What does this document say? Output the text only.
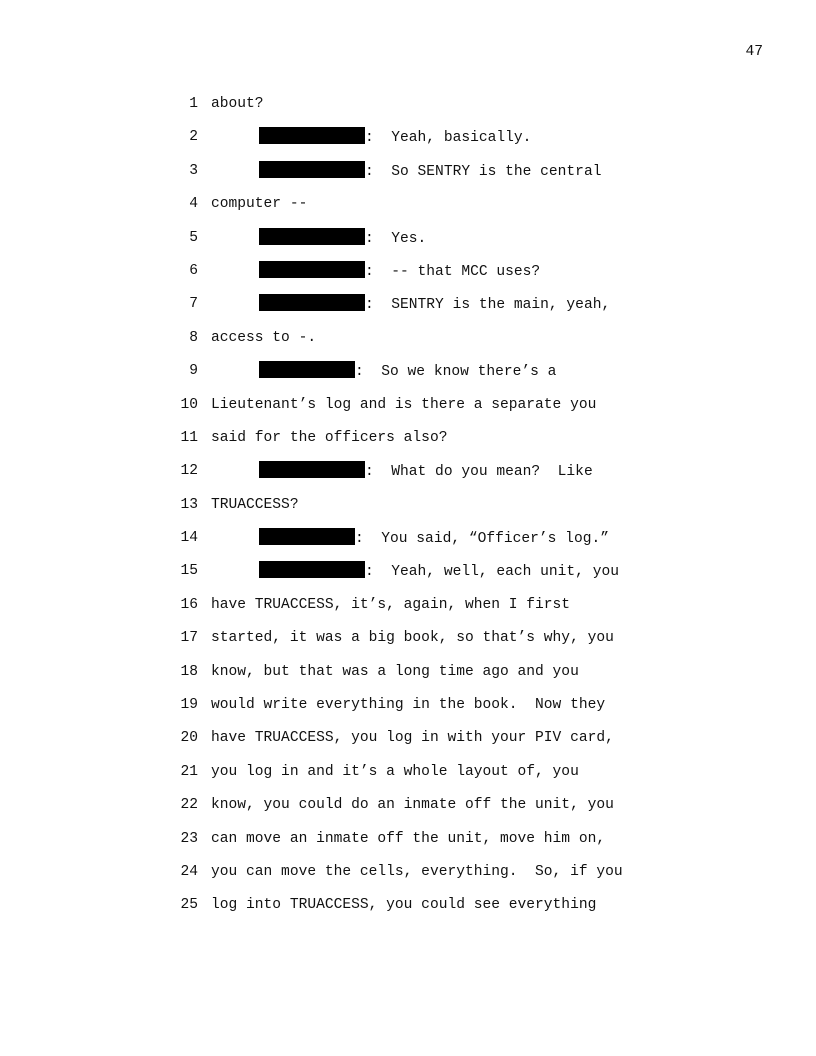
47
1 about?
2	:  Yeah, basically.
3	:  So SENTRY is the central
4 computer --
5	:  Yes.
6	:  -- that MCC uses?
7	:  SENTRY is the main, yeah,
8 access to -.
9	:  So we know there’s a
10 Lieutenant’s log and is there a separate you
11 said for the officers also?
12	:  What do you mean?  Like
13 TRUACCESS?
14	:  You said, “Officer’s log.”
15	:  Yeah, well, each unit, you
16 have TRUACCESS, it’s, again, when I first
17 started, it was a big book, so that’s why, you
18 know, but that was a long time ago and you
19 would write everything in the book.  Now they
20 have TRUACCESS, you log in with your PIV card,
21 you log in and it’s a whole layout of, you
22 know, you could do an inmate off the unit, you
23 can move an inmate off the unit, move him on,
24 you can move the cells, everything.  So, if you
25 log into TRUACCESS, you could see everything
